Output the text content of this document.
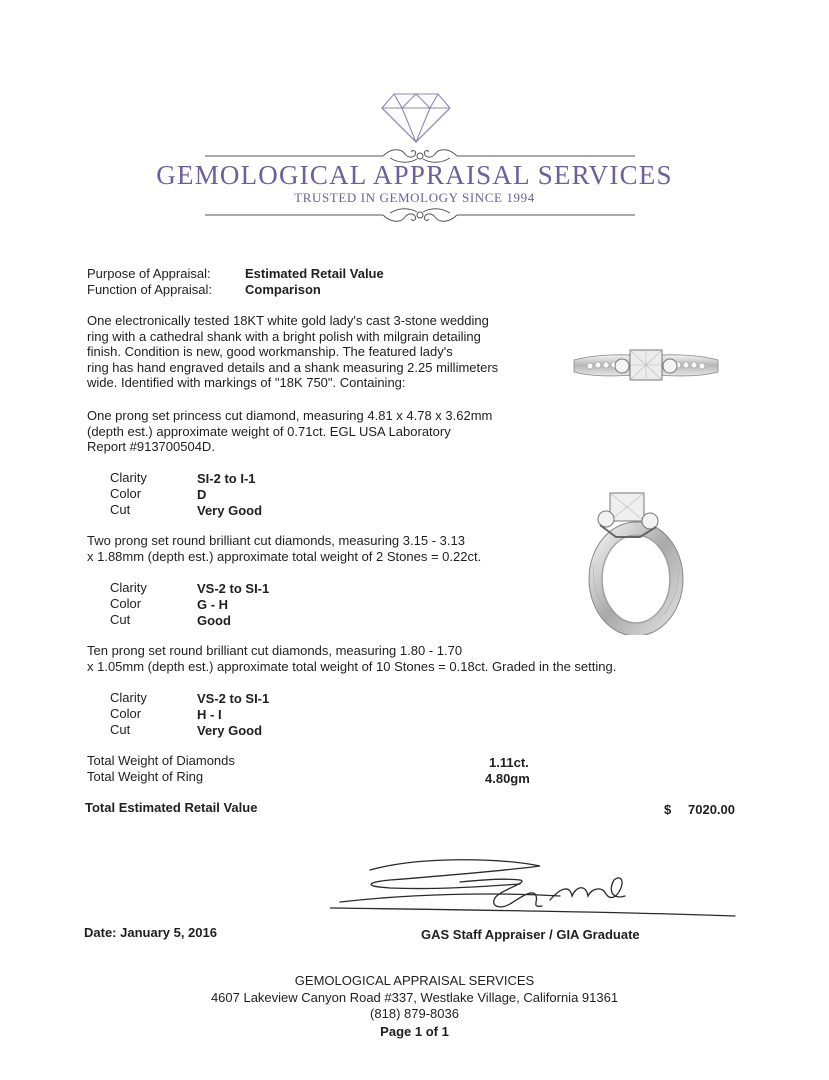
GEMOLOGICAL APPRAISAL SERVICES
TRUSTED IN GEMOLOGY SINCE 1994
Purpose of Appraisal:	Estimated Retail Value
Function of Appraisal:	Comparison
One electronically tested 18KT white gold lady's cast 3-stone wedding
ring with a cathedral shank with a bright polish with milgrain detailing
finish. Condition is new, good workmanship. The featured lady's
ring has hand engraved details and a shank measuring 2.25 millimeters
wide. Identified with markings of "18K 750". Containing:
One prong set princess cut diamond, measuring 4.81 x 4.78 x 3.62mm
(depth est.) approximate weight of 0.71ct. EGL USA Laboratory
Report #913700504D.
Clarity	SI-2 to I-1
Color	D
Cut	Very Good
Two prong set round brilliant cut diamonds, measuring 3.15 - 3.13
x 1.88mm (depth est.) approximate total weight of 2 Stones = 0.22ct.
Clarity	VS-2 to SI-1
Color	G - H
Cut	Good
Ten prong set round brilliant cut diamonds, measuring 1.80 - 1.70
x 1.05mm (depth est.) approximate total weight of 10 Stones = 0.18ct. Graded in the setting.
Clarity	VS-2 to SI-1
Color	H - I
Cut	Very Good
Total Weight of Diamonds	1.11ct.
Total Weight of Ring	4.80gm
Total Estimated Retail Value	$ 7020.00
Date: January 5, 2016	GAS Staff Appraiser / GIA Graduate
GEMOLOGICAL APPRAISAL SERVICES
4607 Lakeview Canyon Road #337, Westlake Village, California 91361
(818) 879-8036
Page 1 of 1
